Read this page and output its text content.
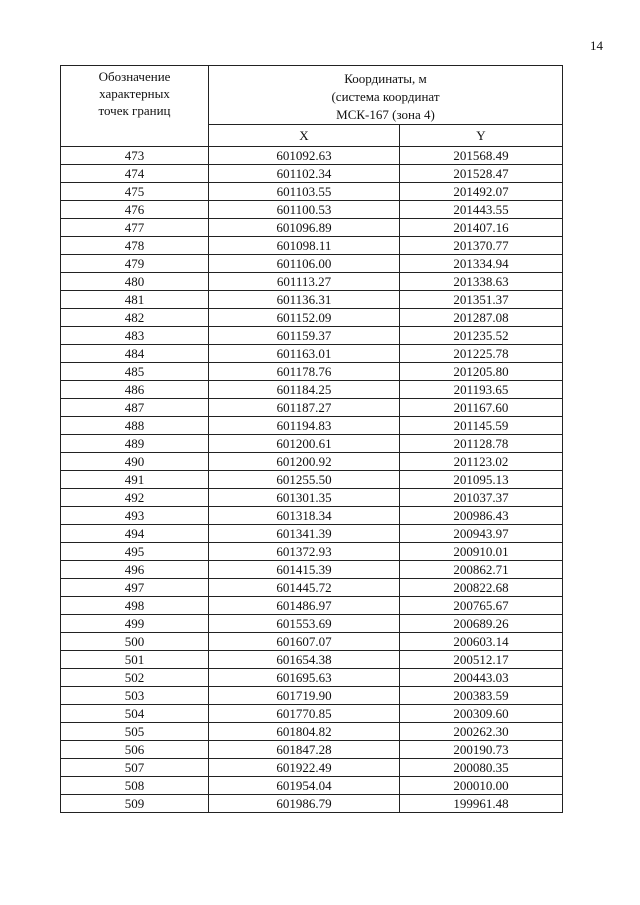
14
Обозначение
характерных
точек границ	Координаты, м
(система координат
МСК-167 (зона 4)	

	X	Y
473	601092.63	201568.49
474	601102.34	201528.47
475	601103.55	201492.07
476	601100.53	201443.55
477	601096.89	201407.16
478	601098.11	201370.77
479	601106.00	201334.94
480	601113.27	201338.63
481	601136.31	201351.37
482	601152.09	201287.08
483	601159.37	201235.52
484	601163.01	201225.78
485	601178.76	201205.80
486	601184.25	201193.65
487	601187.27	201167.60
488	601194.83	201145.59
489	601200.61	201128.78
490	601200.92	201123.02
491	601255.50	201095.13
492	601301.35	201037.37
493	601318.34	200986.43
494	601341.39	200943.97
495	601372.93	200910.01
496	601415.39	200862.71
497	601445.72	200822.68
498	601486.97	200765.67
499	601553.69	200689.26
500	601607.07	200603.14
501	601654.38	200512.17
502	601695.63	200443.03
503	601719.90	200383.59
504	601770.85	200309.60
505	601804.82	200262.30
506	601847.28	200190.73
507	601922.49	200080.35
508	601954.04	200010.00
509	601986.79	199961.48
